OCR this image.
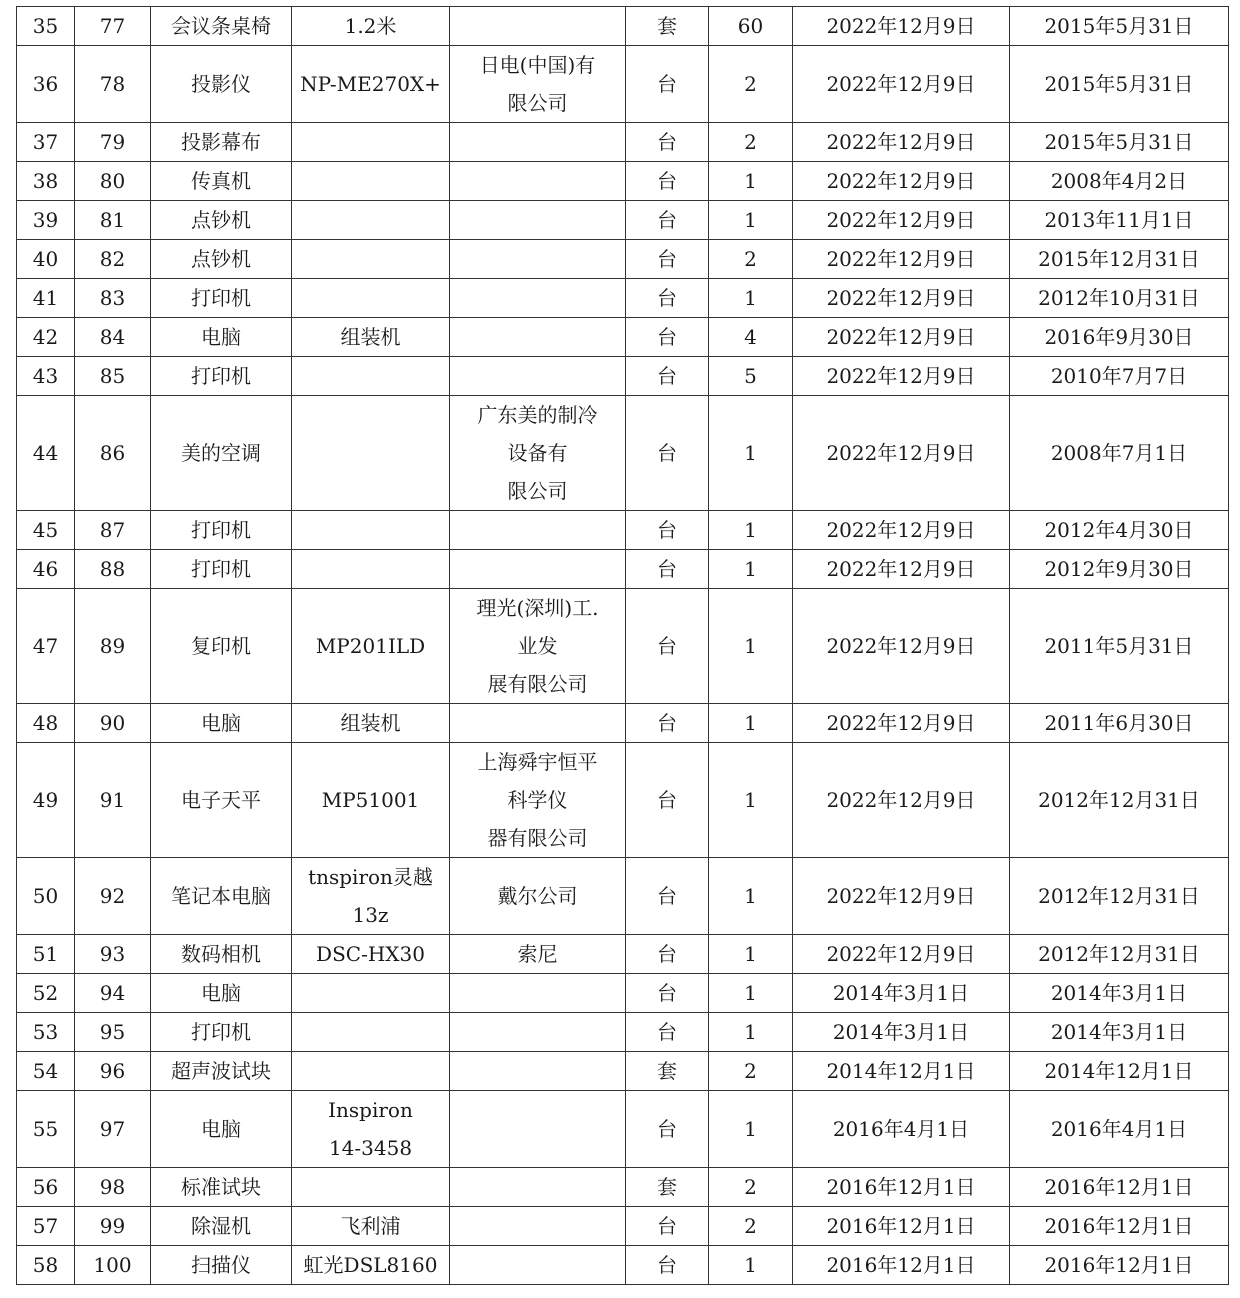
35	77	会议条桌椅	1.2米		套	60	2022年12月9日	2015年5月31日
36	78	投影仪	NP-ME270X+	日电(中国)有
限公司	台	2	2022年12月9日	2015年5月31日
37	79	投影幕布			台	2	2022年12月9日	2015年5月31日
38	80	传真机			台	1	2022年12月9日	2008年4月2日
39	81	点钞机			台	1	2022年12月9日	2013年11月1日
40	82	点钞机			台	2	2022年12月9日	2015年12月31日
41	83	打印机			台	1	2022年12月9日	2012年10月31日
42	84	电脑	组装机		台	4	2022年12月9日	2016年9月30日
43	85	打印机			台	5	2022年12月9日	2010年7月7日
44	86	美的空调		广东美的制冷
设备有
限公司	台	1	2022年12月9日	2008年7月1日
45	87	打印机			台	1	2022年12月9日	2012年4月30日
46	88	打印机			台	1	2022年12月9日	2012年9月30日
47	89	复印机	MP201ILD	理光(深圳)工.
业发
展有限公司	台	1	2022年12月9日	2011年5月31日
48	90	电脑	组装机		台	1	2022年12月9日	2011年6月30日
49	91	电子天平	MP51001	上海舜宇恒平
科学仪
器有限公司	台	1	2022年12月9日	2012年12月31日
50	92	笔记本电脑	tnspiron灵越
13z	戴尔公司	台	1	2022年12月9日	2012年12月31日
51	93	数码相机	DSC-HX30	索尼	台	1	2022年12月9日	2012年12月31日
52	94	电脑			台	1	2014年3月1日	2014年3月1日
53	95	打印机			台	1	2014年3月1日	2014年3月1日
54	96	超声波试块			套	2	2014年12月1日	2014年12月1日
55	97	电脑	Inspiron
14-3458		台	1	2016年4月1日	2016年4月1日
56	98	标准试块			套	2	2016年12月1日	2016年12月1日
57	99	除湿机	飞利浦		台	2	2016年12月1日	2016年12月1日
58	100	扫描仪	虹光DSL8160		台	1	2016年12月1日	2016年12月1日
